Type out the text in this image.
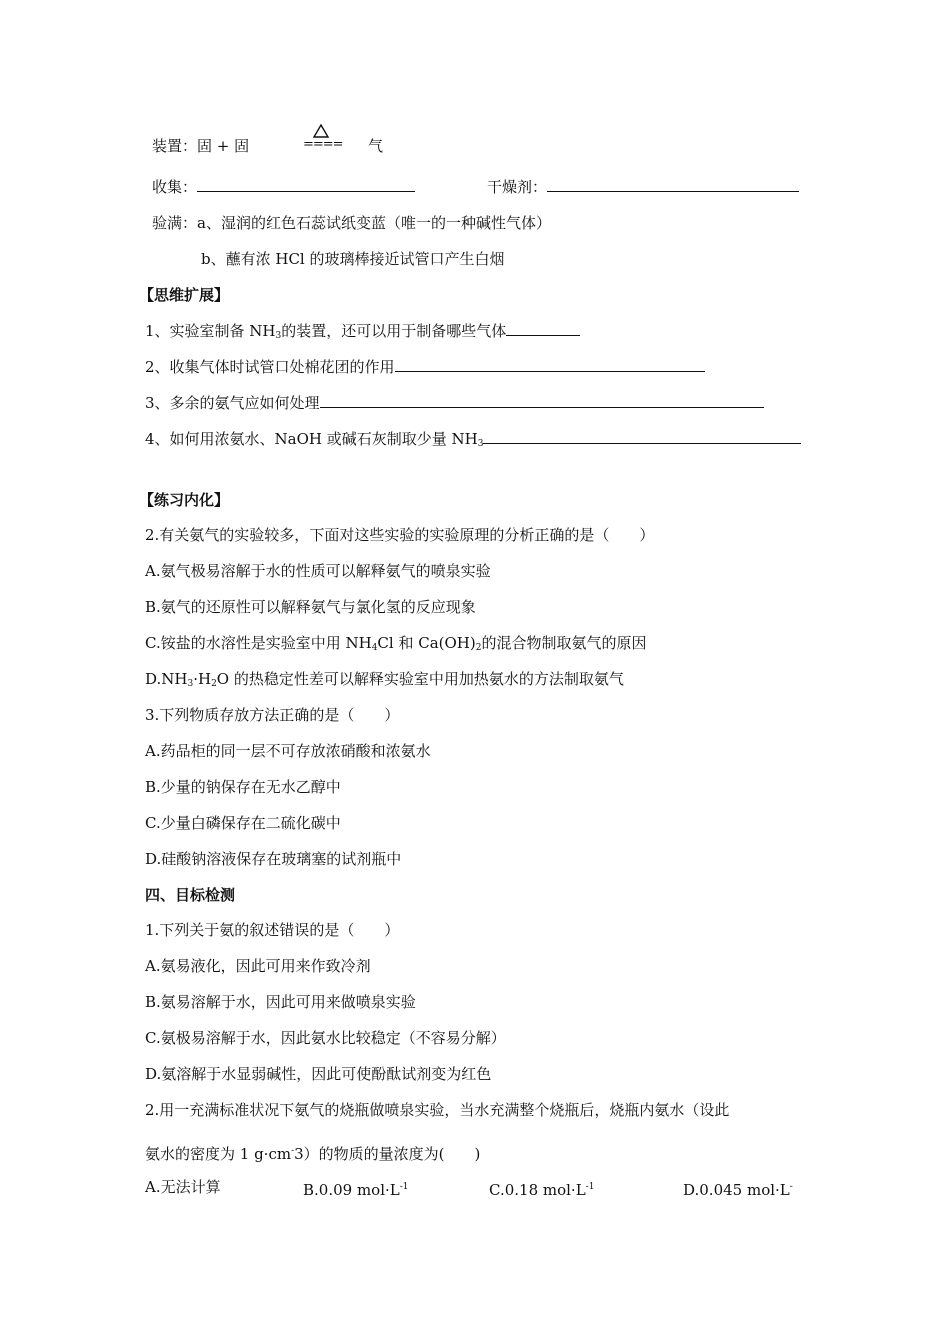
装置：固 + 固	==== 气
收集：	干燥剂：
验满：a、湿润的红色石蕊试纸变蓝（唯一的一种碱性气体）
b、蘸有浓 HCl 的玻璃棒接近试管口产生白烟
【思维扩展】
1、实验室制备 $NH_3$的装置，还可以用于制备哪些气体
2、收集气体时试管口处棉花团的作用
3、多余的氨气应如何处理
4、如何用浓氨水、NaOH 或碱石灰制取少量 $NH_3$
【练习内化】
2.有关氨气的实验较多，下面对这些实验的实验原理的分析正确的是（　　）
A.氨气极易溶解于水的性质可以解释氨气的喷泉实验
B.氨气的还原性可以解释氨气与氯化氢的反应现象
C.铵盐的水溶性是实验室中用 $NH_4Cl$ 和 $Ca(OH)_2$的混合物制取氨气的原因
$D.NH_3\cdot H_2O$ 的热稳定性差可以解释实验室中用加热氨水的方法制取氨气
3.下列物质存放方法正确的是（　　）
A.药品柜的同一层不可存放浓硝酸和浓氨水
B.少量的钠保存在无水乙醇中
C.少量白磷保存在二硫化碳中
D.硅酸钠溶液保存在玻璃塞的试剂瓶中
四、目标检测
1.下列关于氨的叙述错误的是（　　）
A.氨易液化，因此可用来作致冷剂
B.氨易溶解于水，因此可用来做喷泉实验
C.氨极易溶解于水，因此氨水比较稳定（不容易分解）
D.氨溶解于水显弱碱性，因此可使酚酞试剂变为红色
2.用一充满标准状况下氨气的烧瓶做喷泉实验，当水充满整个烧瓶后，烧瓶内氨水（设此
氨水的密度为 1 g·cm-3）的物质的量浓度为(　　)
A.无法计算	B.0.09 $mol\cdot L^{-1}$	C.0.18 $mol\cdot L^{-1}$	D.0.045 mol·L-
